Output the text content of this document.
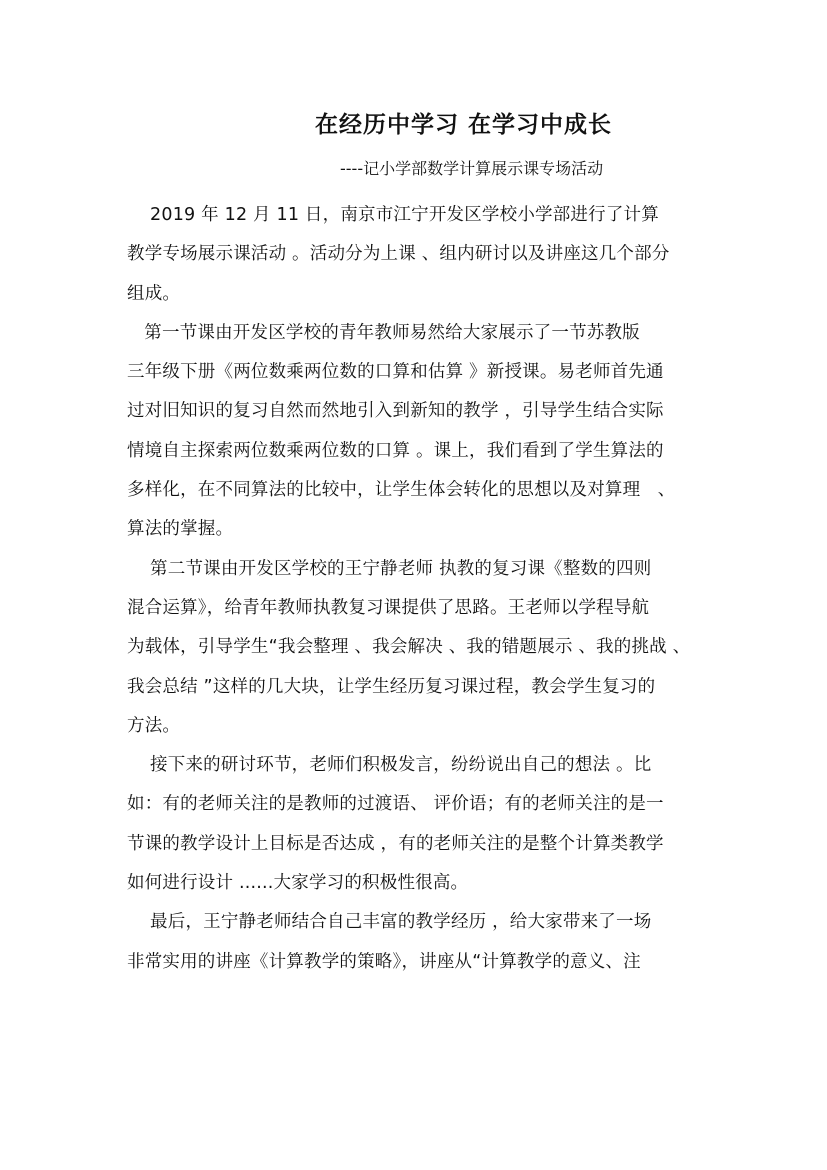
在经历中学习 在学习中成长
----记小学部数学计算展示课专场活动
2019 年 12 月 11 日，南京市江宁开发区学校小学部进行了计算
教学专场展示课活动 。活动分为上课 、组内研讨以及讲座这几个部分
组成。
第一节课由开发区学校的青年教师易然给大家展示了一节苏教版
三年级下册《两位数乘两位数的口算和估算 》新授课。易老师首先通
过对旧知识的复习自然而然地引入到新知的教学 ，引导学生结合实际
情境自主探索两位数乘两位数的口算 。课上，我们看到了学生算法的
多样化，在不同算法的比较中，让学生体会转化的思想以及对算理   、
算法的掌握。
第二节课由开发区学校的王宁静老师 执教的复习课《整数的四则
混合运算》，给青年教师执教复习课提供了思路。王老师以学程导航
为载体，引导学生“我会整理 、我会解决 、我的错题展示 、我的挑战 、
我会总结 ”这样的几大块，让学生经历复习课过程，教会学生复习的
方法。
接下来的研讨环节，老师们积极发言，纷纷说出自己的想法 。比
如：有的老师关注的是教师的过渡语、 评价语；有的老师关注的是一
节课的教学设计上目标是否达成 ，有的老师关注的是整个计算类教学
如何进行设计 ......大家学习的积极性很高。
最后，王宁静老师结合自己丰富的教学经历 ，给大家带来了一场
非常实用的讲座《计算教学的策略》，讲座从“计算教学的意义、注
